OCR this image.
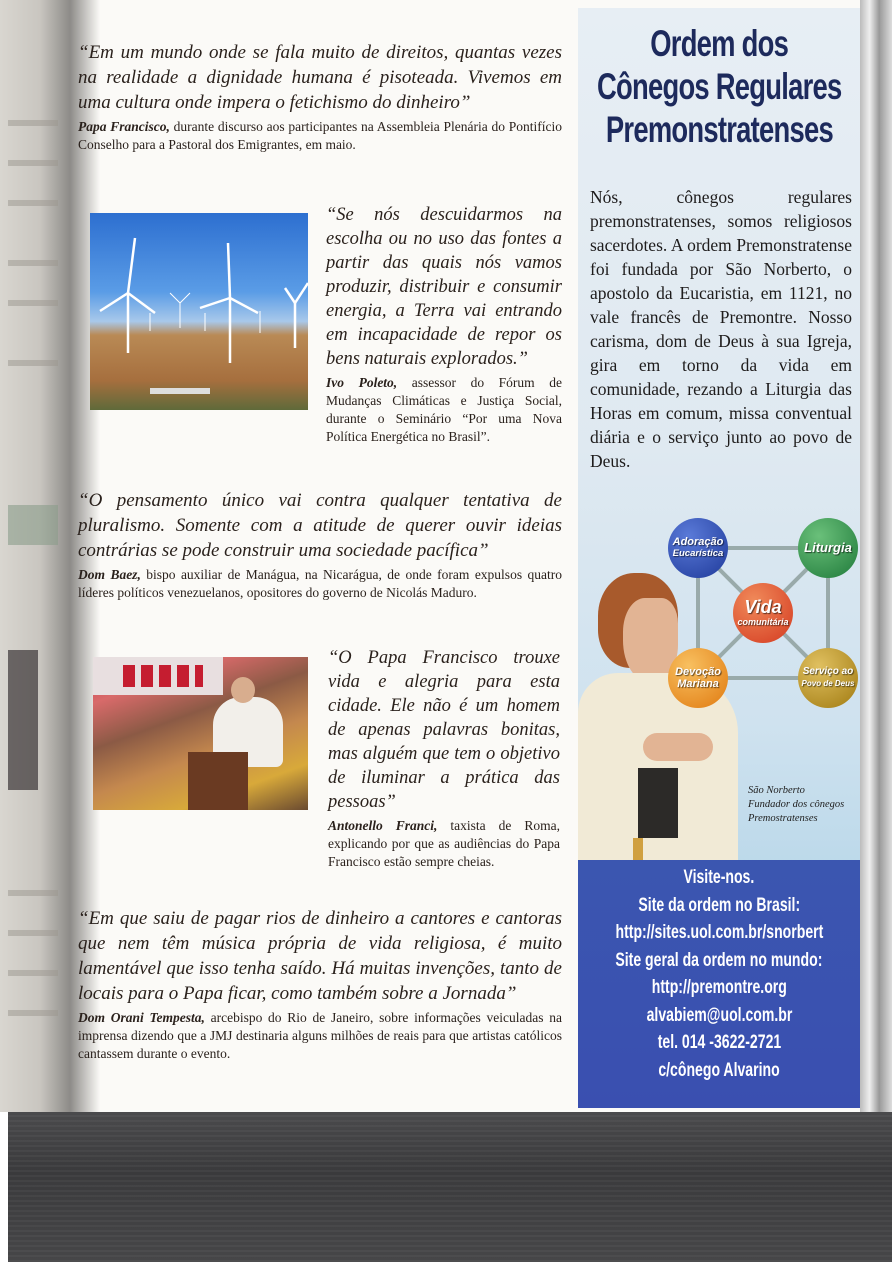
“Em um mundo onde se fala muito de direitos, quantas vezes na realidade a dignidade humana é pisoteada. Vivemos em uma cultura onde impera o fetichismo do dinheiro”
Papa Francisco, durante discurso aos participantes na Assembleia Plenária do Pontifício Conselho para a Pastoral dos Emigrantes, em maio.
“Se nós descuidarmos na escolha ou no uso das fontes a partir das quais nós vamos produzir, distribuir e consumir energia, a Terra vai entrando em incapacidade de repor os bens naturais explorados.”
Ivo Poleto, assessor do Fórum de Mudanças Climáticas e Justiça Social, durante o Seminário “Por uma Nova Política Energética no Brasil”.
“O pensamento único vai contra qualquer tentativa de pluralismo. Somente com a atitude de querer ouvir ideias contrárias se pode construir uma sociedade pacífica”
Dom Baez, bispo auxiliar de Manágua, na Nicarágua, de onde foram expulsos quatro líderes políticos venezuelanos, opositores do governo de Nicolás Maduro.
“O Papa Francisco trouxe vida e alegria para esta cidade. Ele não é um homem de apenas palavras bonitas, mas alguém que tem o objetivo de iluminar a prática das pessoas”
Antonello Franci, taxista de Roma, explicando por que as audiências do Papa Francisco estão sempre cheias.
“Em que saiu de pagar rios de dinheiro a cantores e cantoras que nem têm música própria de vida religiosa, é muito lamentável que isso tenha saído. Há muitas invenções, tanto de locais para o Papa ficar, como também sobre a Jornada”
Dom Orani Tempesta, arcebispo do Rio de Janeiro, sobre informações veiculadas na imprensa dizendo que a JMJ destinaria alguns milhões de reais para que artistas católicos cantassem durante o evento.
Ordem dos
Cônegos Regulares
Premonstratenses
Nós, cônegos regulares premonstratenses, somos religiosos sacerdotes. A ordem Premonstratense foi fundada por São Norberto, o apostolo da Eucaristia, em 1121, no vale francês de Premontre. Nosso carisma, dom de Deus à sua Igreja, gira em torno da vida em comunidade, rezando a Liturgia das Horas em comum, missa conventual diária e o serviço junto ao povo de Deus.
Adoração
Eucarística	Liturgia
Vida
comunitária
Devoção
Mariana
Serviço ao
Povo de Deus
São Norberto
Fundador dos cônegos
Premostratenses
Visite-nos.
Site da ordem no Brasil:
http://sites.uol.com.br/snorbert
Site geral da ordem no mundo:
http://premontre.org
alvabiem@uol.com.br
tel. 014 -3622-2721
c/cônego Alvarino
